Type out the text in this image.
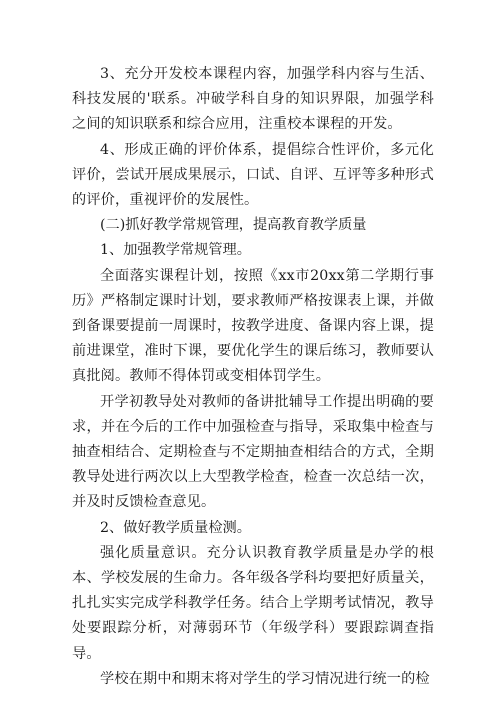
3、充分开发校本课程内容，加强学科内容与生活、科技发展的'联系。冲破学科自身的知识界限，加强学科之间的知识联系和综合应用，注重校本课程的开发。

4、形成正确的评价体系，提倡综合性评价，多元化评价，尝试开展成果展示，口试、自评、互评等多种形式的评价，重视评价的发展性。

(二)抓好教学常规管理，提高教育教学质量

1、加强教学常规管理。

全面落实课程计划，按照《xx市20xx第二学期行事历》严格制定课时计划，要求教师严格按课表上课，并做到备课要提前一周课时，按教学进度、备课内容上课，提前进课堂，准时下课，要优化学生的课后练习，教师要认真批阅。教师不得体罚或变相体罚学生。

开学初教导处对教师的备讲批辅导工作提出明确的要求，并在今后的工作中加强检查与指导，采取集中检查与抽查相结合、定期检查与不定期抽查相结合的方式，全期教导处进行两次以上大型教学检查，检查一次总结一次，并及时反馈检查意见。

2、做好教学质量检测。

强化质量意识。充分认识教育教学质量是办学的根本、学校发展的生命力。各年级各学科均要把好质量关，扎扎实实完成学科教学任务。结合上学期考试情况，教导处要跟踪分析，对薄弱环节（年级学科）要跟踪调查指导。

学校在期中和期末将对学生的学习情况进行统一的检
